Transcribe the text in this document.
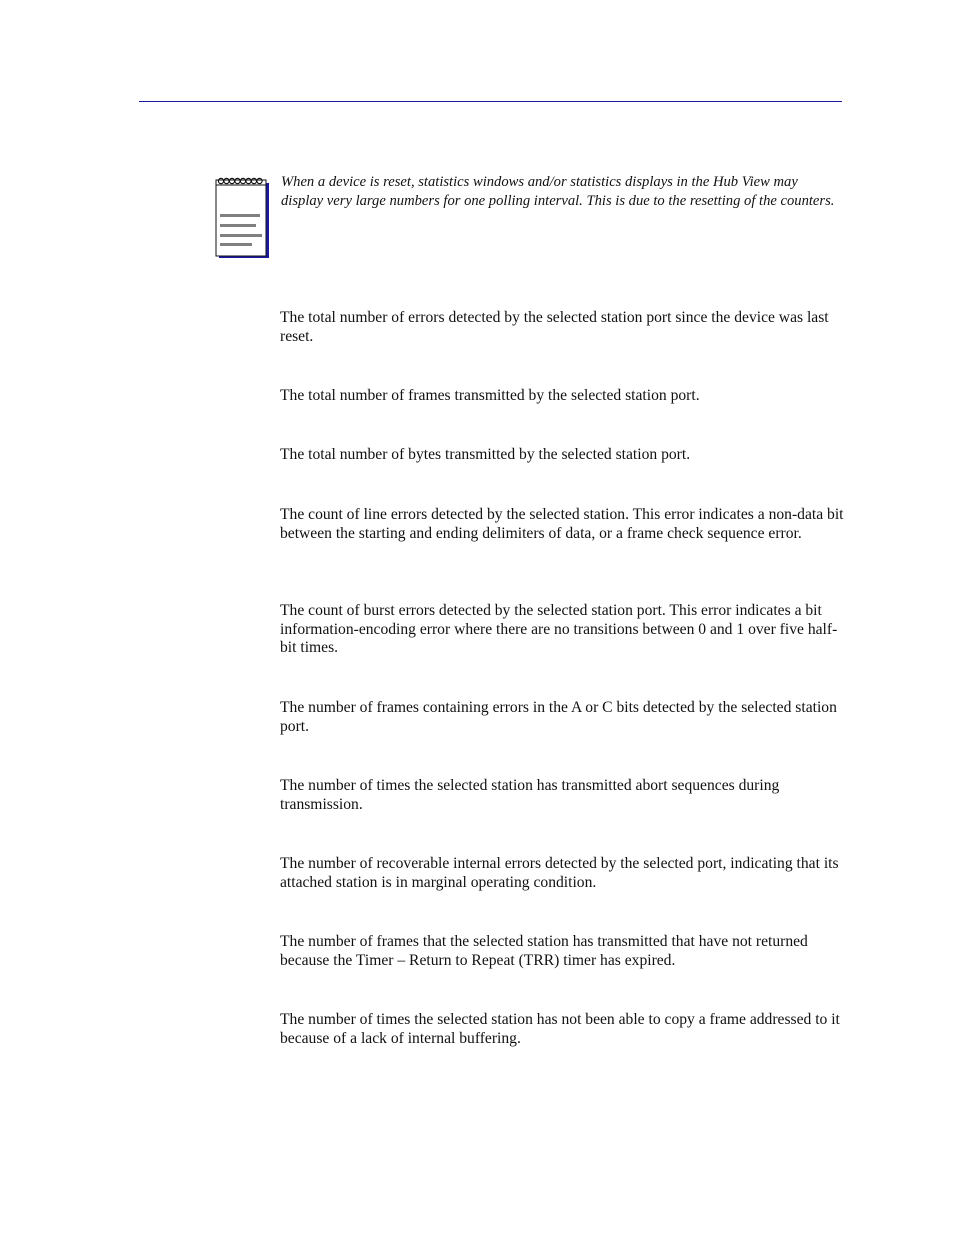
When a device is reset, statistics windows and/or statistics displays in the Hub View may display very large numbers for one polling interval. This is due to the resetting of the counters.

The total number of errors detected by the selected station port since the device was last reset.

The total number of frames transmitted by the selected station port.

The total number of bytes transmitted by the selected station port.

The count of line errors detected by the selected station. This error indicates a non-data bit between the starting and ending delimiters of data, or a frame check sequence error.

The count of burst errors detected by the selected station port. This error indicates a bit information-encoding error where there are no transitions between 0 and 1 over five half-bit times.

The number of frames containing errors in the A or C bits detected by the selected station port.

The number of times the selected station has transmitted abort sequences during transmission.

The number of recoverable internal errors detected by the selected port, indicating that its attached station is in marginal operating condition.

The number of frames that the selected station has transmitted that have not returned because the Timer – Return to Repeat (TRR) timer has expired.

The number of times the selected station has not been able to copy a frame addressed to it because of a lack of internal buffering.
